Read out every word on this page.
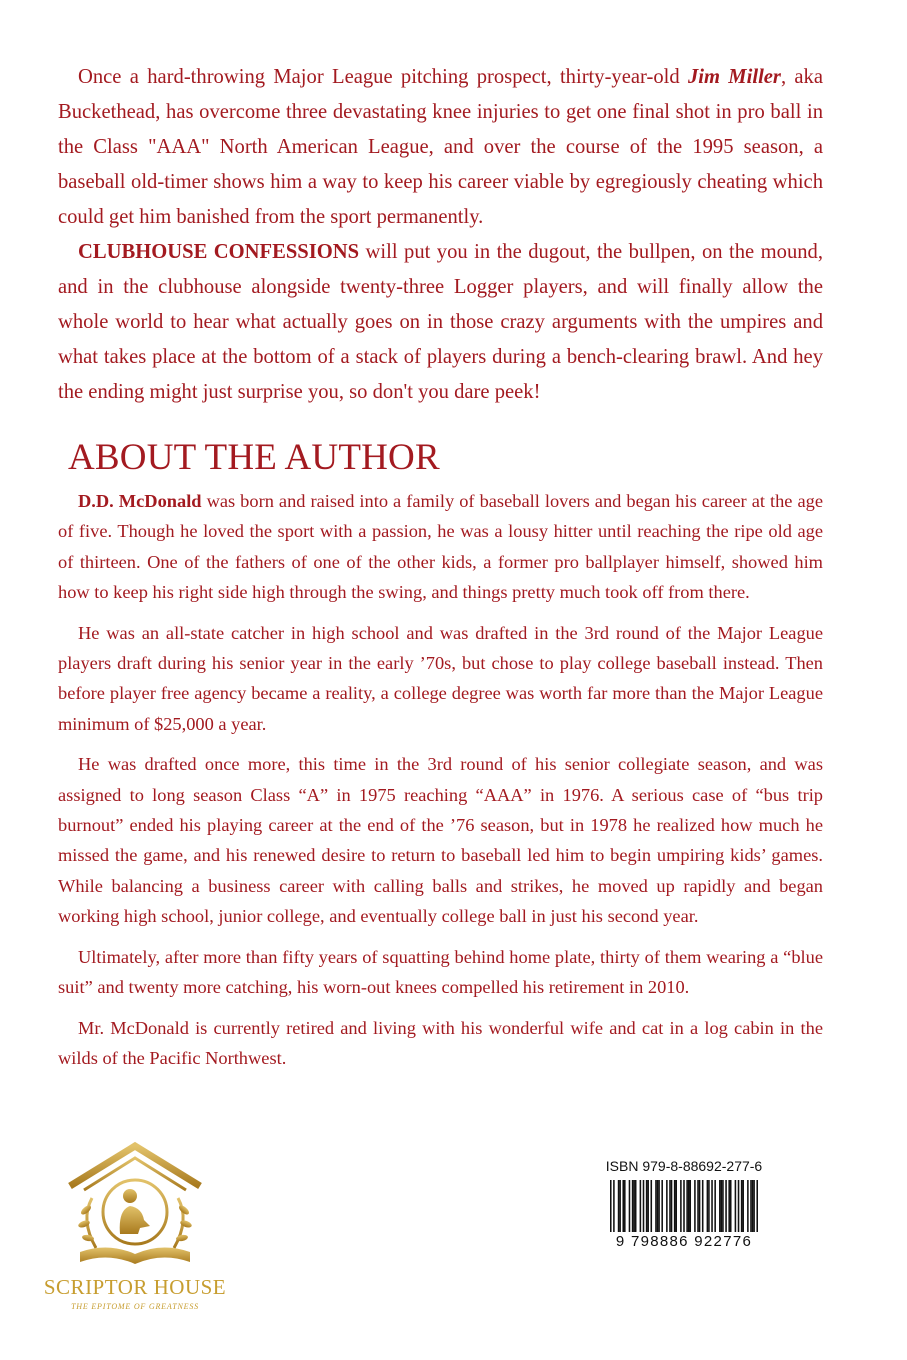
Once a hard-throwing Major League pitching prospect, thirty-year-old Jim Miller, aka Buckethead, has overcome three devastating knee injuries to get one final shot in pro ball in the Class "AAA" North American League, and over the course of the 1995 season, a baseball old-timer shows him a way to keep his career viable by egregiously cheating which could get him banished from the sport permanently.

CLUBHOUSE CONFESSIONS will put you in the dugout, the bullpen, on the mound, and in the clubhouse alongside twenty-three Logger players, and will finally allow the whole world to hear what actually goes on in those crazy arguments with the umpires and what takes place at the bottom of a stack of players during a bench-clearing brawl. And hey the ending might just surprise you, so don't you dare peek!

ABOUT THE AUTHOR

D.D. McDonald was born and raised into a family of baseball lovers and began his career at the age of five. Though he loved the sport with a passion, he was a lousy hitter until reaching the ripe old age of thirteen. One of the fathers of one of the other kids, a former pro ballplayer himself, showed him how to keep his right side high through the swing, and things pretty much took off from there.

He was an all-state catcher in high school and was drafted in the 3rd round of the Major League players draft during his senior year in the early ’70s, but chose to play college baseball instead. Then before player free agency became a reality, a college degree was worth far more than the Major League minimum of $25,000 a year.

He was drafted once more, this time in the 3rd round of his senior collegiate season, and was assigned to long season Class “A” in 1975 reaching “AAA” in 1976. A serious case of “bus trip burnout” ended his playing career at the end of the ’76 season, but in 1978 he realized how much he missed the game, and his renewed desire to return to baseball led him to begin umpiring kids’ games. While balancing a business career with calling balls and strikes, he moved up rapidly and began working high school, junior college, and eventually college ball in just his second year.

Ultimately, after more than fifty years of squatting behind home plate, thirty of them wearing a “blue suit” and twenty more catching, his worn-out knees compelled his retirement in 2010.

Mr. McDonald is currently retired and living with his wonderful wife and cat in a log cabin in the wilds of the Pacific Northwest.

SCRIPTOR HOUSE
THE EPITOME OF GREATNESS
ISBN 979-8-88692-277-6
9 798886 922776
